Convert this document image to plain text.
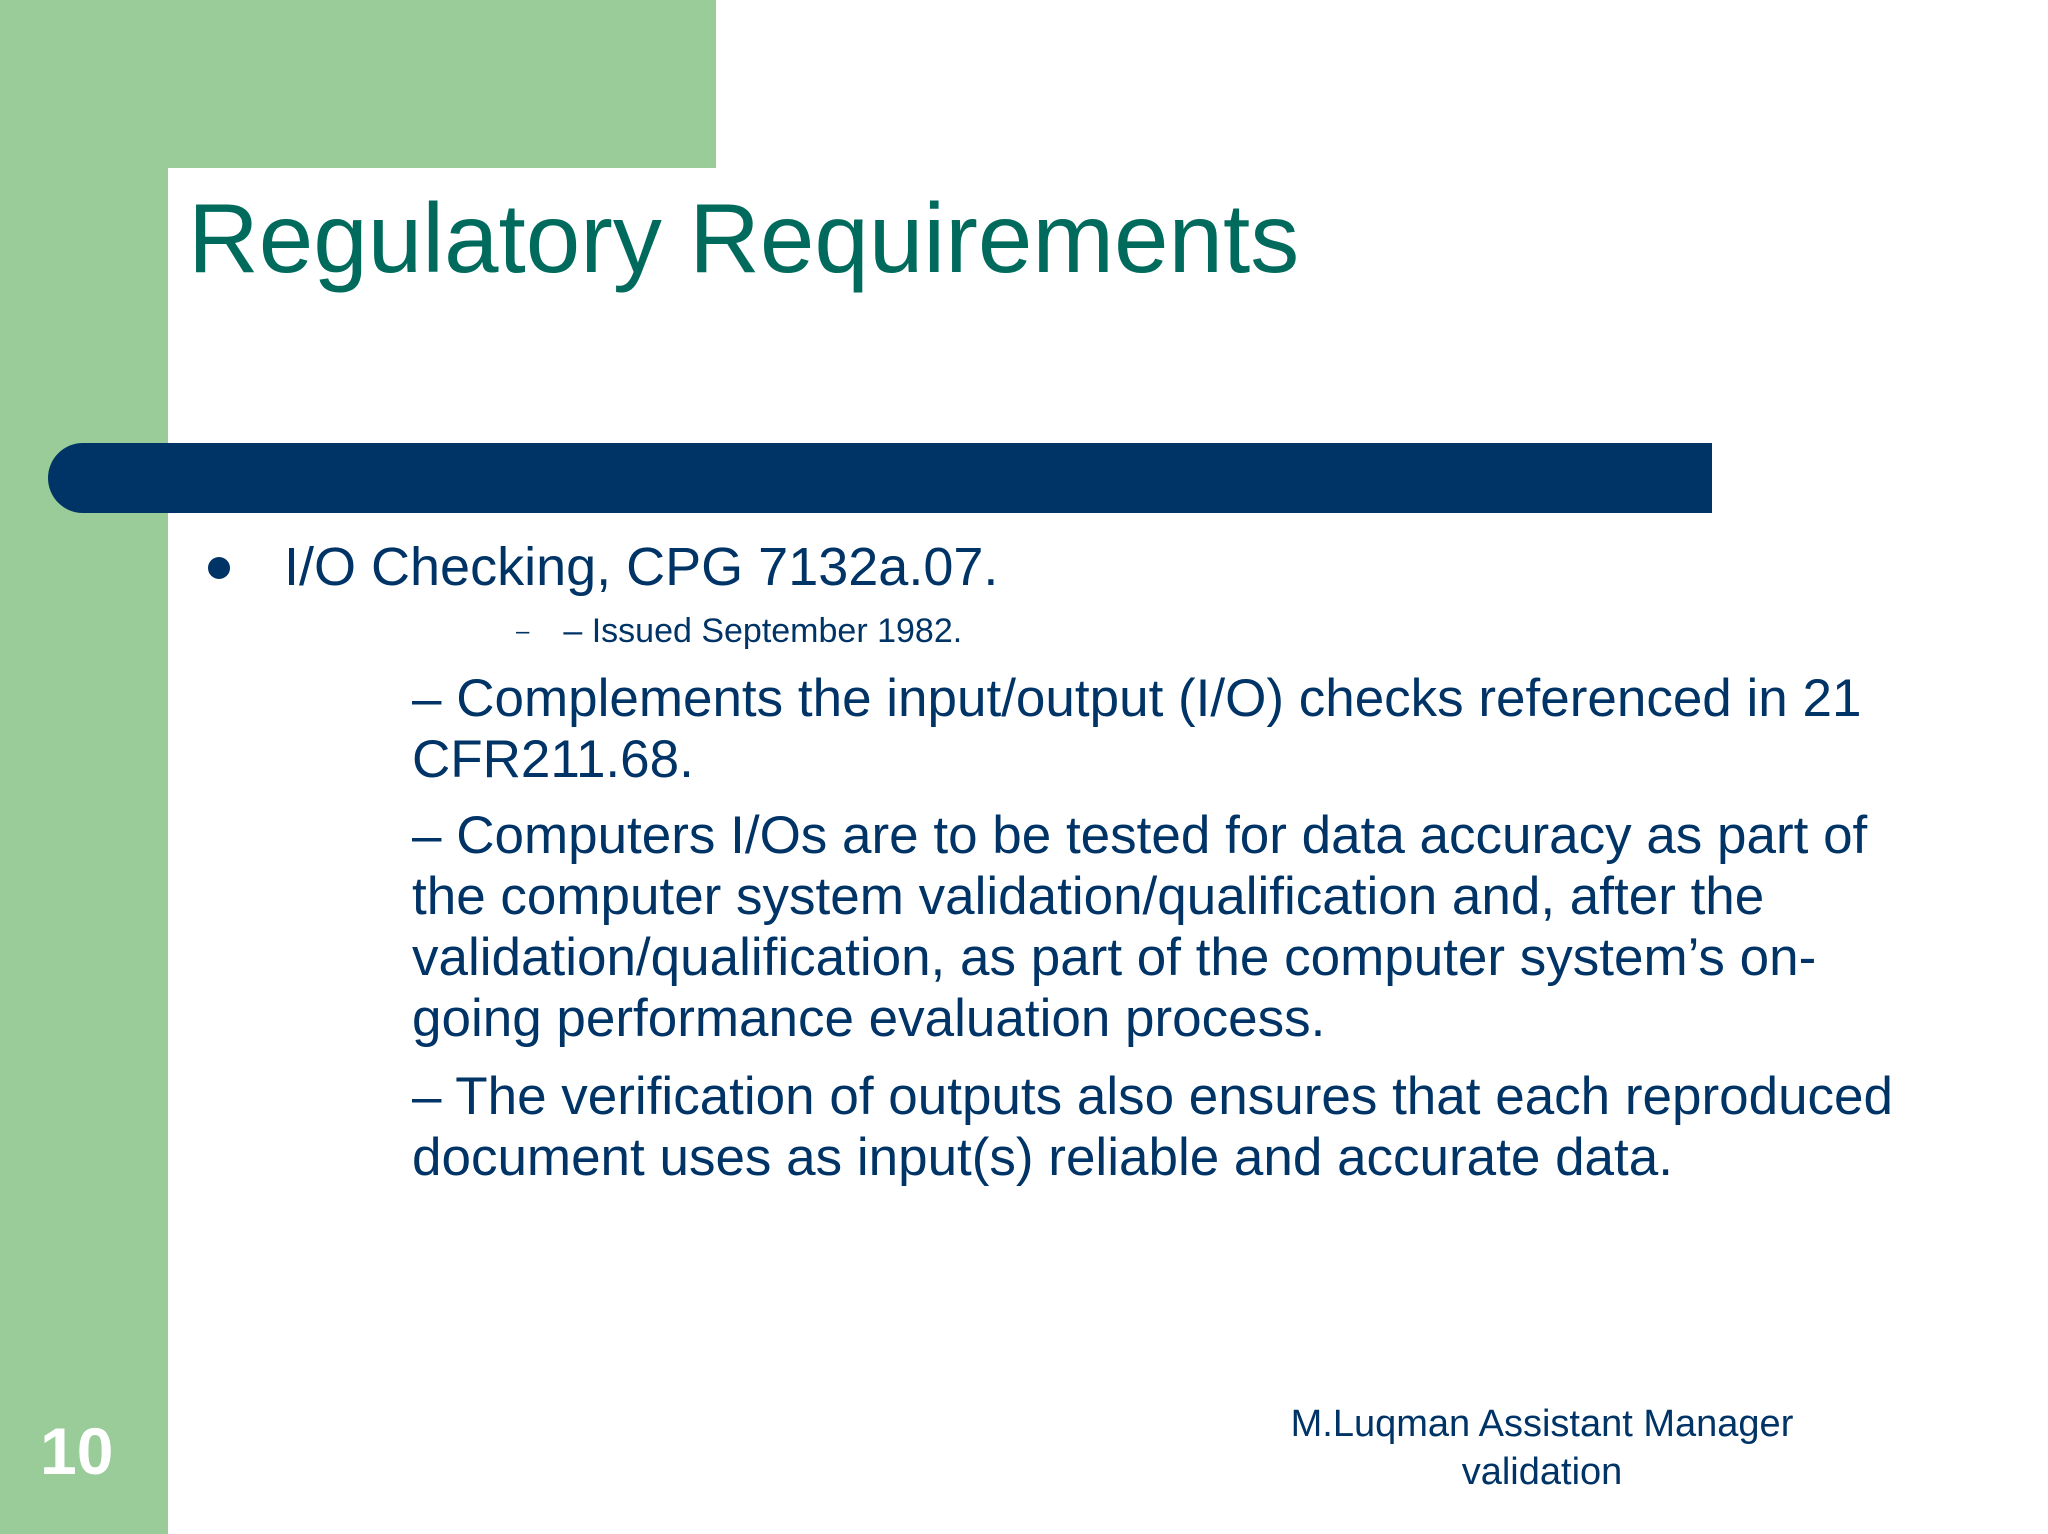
Regulatory Requirements
I/O Checking, CPG 7132a.07.
– – Issued September 1982.

– Complements the input/output (I/O) checks referenced in 21 CFR211.68.

– Computers I/Os are to be tested for data accuracy as part of the computer system validation/qualification and, after the validation/qualification, as part of the computer system’s on-going performance evaluation process.

– The verification of outputs also ensures that each reproduced document uses as input(s) reliable and accurate data.

10	M.Luqman Assistant Manager
validation
